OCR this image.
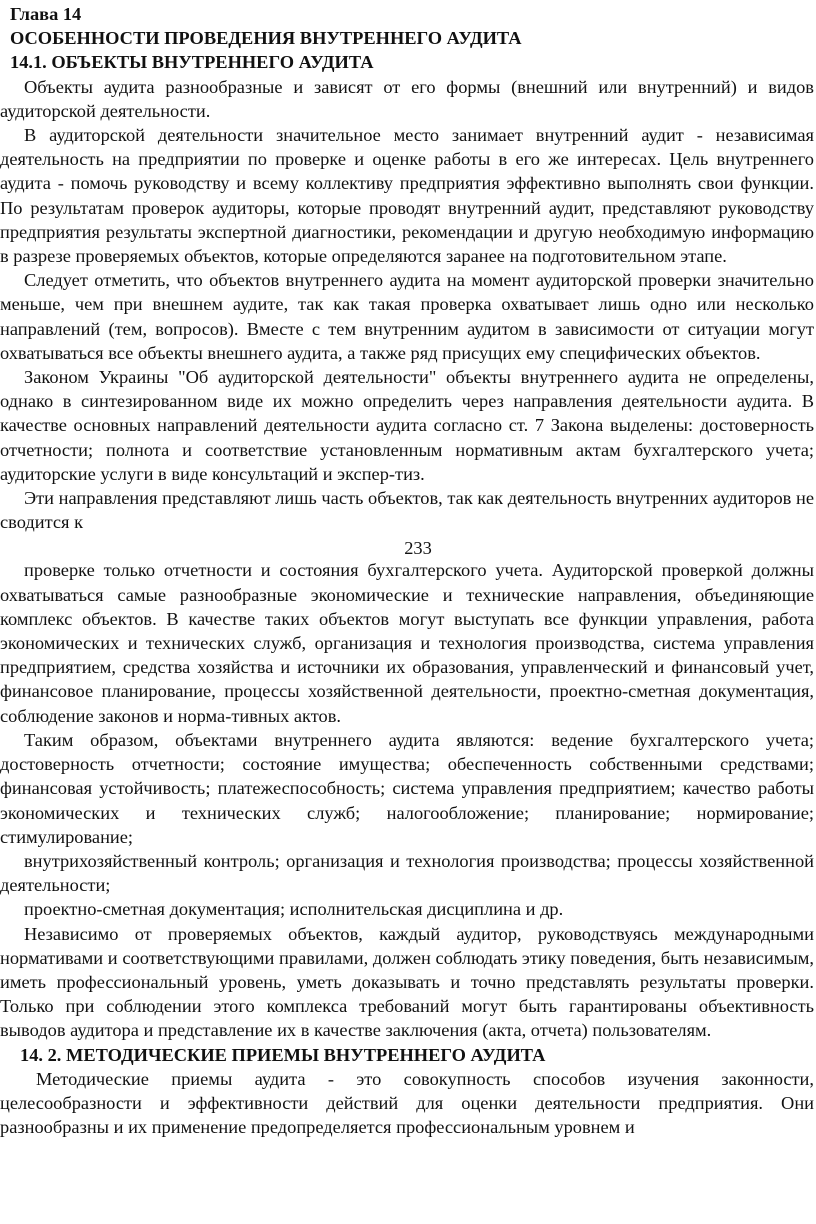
Глава 14
ОСОБЕННОСТИ ПРОВЕДЕНИЯ ВНУТРЕННЕГО АУДИТА
14.1. ОБЪЕКТЫ ВНУТРЕННЕГО АУДИТА

Объекты аудита разнообразные и зависят от его формы (внешний или внутренний) и видов аудиторской деятельности.

В аудиторской деятельности значительное место занимает внутренний аудит - независимая деятельность на предприятии по проверке и оценке работы в его же интересах. Цель внутреннего аудита - помочь руководству и всему коллективу предприятия эффективно выполнять свои функции. По результатам проверок аудиторы, которые проводят внутренний аудит, представляют руководству предприятия результаты экспертной диагностики, рекомендации и другую необходимую информацию в разрезе проверяемых объектов, которые определяются заранее на подготовительном этапе.

Следует отметить, что объектов внутреннего аудита на момент аудиторской проверки значительно меньше, чем при внешнем аудите, так как такая проверка охватывает лишь одно или несколько направлений (тем, вопросов). Вместе с тем внутренним аудитом в зависимости от ситуации могут охватываться все объекты внешнего аудита, а также ряд присущих ему специфических объектов.

Законом Украины "Об аудиторской деятельности" объекты внутреннего аудита не определены, однако в синтезированном виде их можно определить через направления деятельности аудита. В качестве основных направлений деятельности аудита согласно ст. 7 Закона выделены: достоверность отчетности; полнота и соответствие установленным нормативным актам бухгалтерского учета; аудиторские услуги в виде консультаций и экспер-тиз.

Эти направления представляют лишь часть объектов, так как деятельность внутренних аудиторов не сводится к

233

проверке только отчетности и состояния бухгалтерского учета. Аудиторской проверкой должны охватываться самые разнообразные экономические и технические направления, объединяющие комплекс объектов. В качестве таких объектов могут выступать все функции управления, работа экономических и технических служб, организация и технология производства, система управления предприятием, средства хозяйства и источники их образования, управленческий и финансовый учет, финансовое планирование, процессы хозяйственной деятельности, проектно-сметная документация, соблюдение законов и норма-тивных актов.

Таким образом, объектами внутреннего аудита являются: ведение бухгалтерского учета; достоверность отчетности; состояние имущества; обеспеченность собственными средствами; финансовая устойчивость; платежеспособность; система управления предприятием; качество работы экономических и технических служб; налогообложение; планирование; нормирование; стимулирование;

внутрихозяйственный контроль; организация и технология производства; процессы хозяйственной деятельности;

проектно-сметная документация; исполнительская дисциплина и др.

Независимо от проверяемых объектов, каждый аудитор, руководствуясь международными нормативами и соответствующими правилами, должен соблюдать этику поведения, быть независимым, иметь профессиональный уровень, уметь доказывать и точно представлять результаты проверки. Только при соблюдении этого комплекса требований могут быть гарантированы объективность выводов аудитора и представление их в качестве заключения (акта, отчета) пользователям.

14. 2. МЕТОДИЧЕСКИЕ ПРИЕМЫ ВНУТРЕННЕГО АУДИТА

Методические приемы аудита - это совокупность способов изучения законности, целесообразности и эффективности действий для оценки деятельности предприятия. Они разнообразны и их применение предопределяется профессиональным уровнем и
